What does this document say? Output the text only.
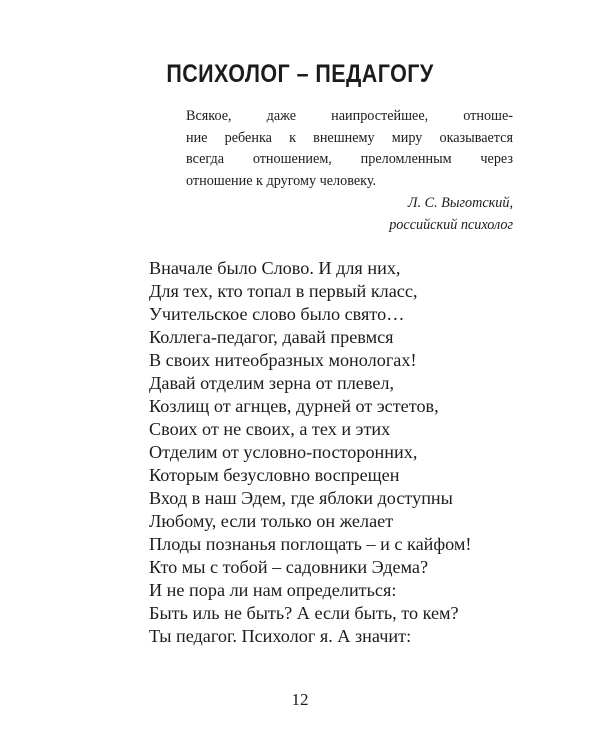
ПСИХОЛОГ – ПЕДАГОГУ
Всякое, даже наипростейшее, отноше-
ние ребенка к внешнему миру оказывается
всегда отношением, преломленным через
отношение к другому человеку.
Л. С. Выготский,
российский психолог
Вначале было Слово. И для них,
Для тех, кто топал в первый класс,
Учительское слово было свято…
Коллега-педагог, давай превмся
В своих нитеобразных монологах!
Давай отделим зерна от плевел,
Козлищ от агнцев, дурней от эстетов,
Своих от не своих, а тех и этих
Отделим от условно-посторонних,
Которым безусловно воспрещен
Вход в наш Эдем, где яблоки доступны
Любому, если только он желает
Плоды познанья поглощать – и с кайфом!
Кто мы с тобой – садовники Эдема?
И не пора ли нам определиться:
Быть иль не быть? А если быть, то кем?
Ты педагог. Психолог я. А значит:
12
